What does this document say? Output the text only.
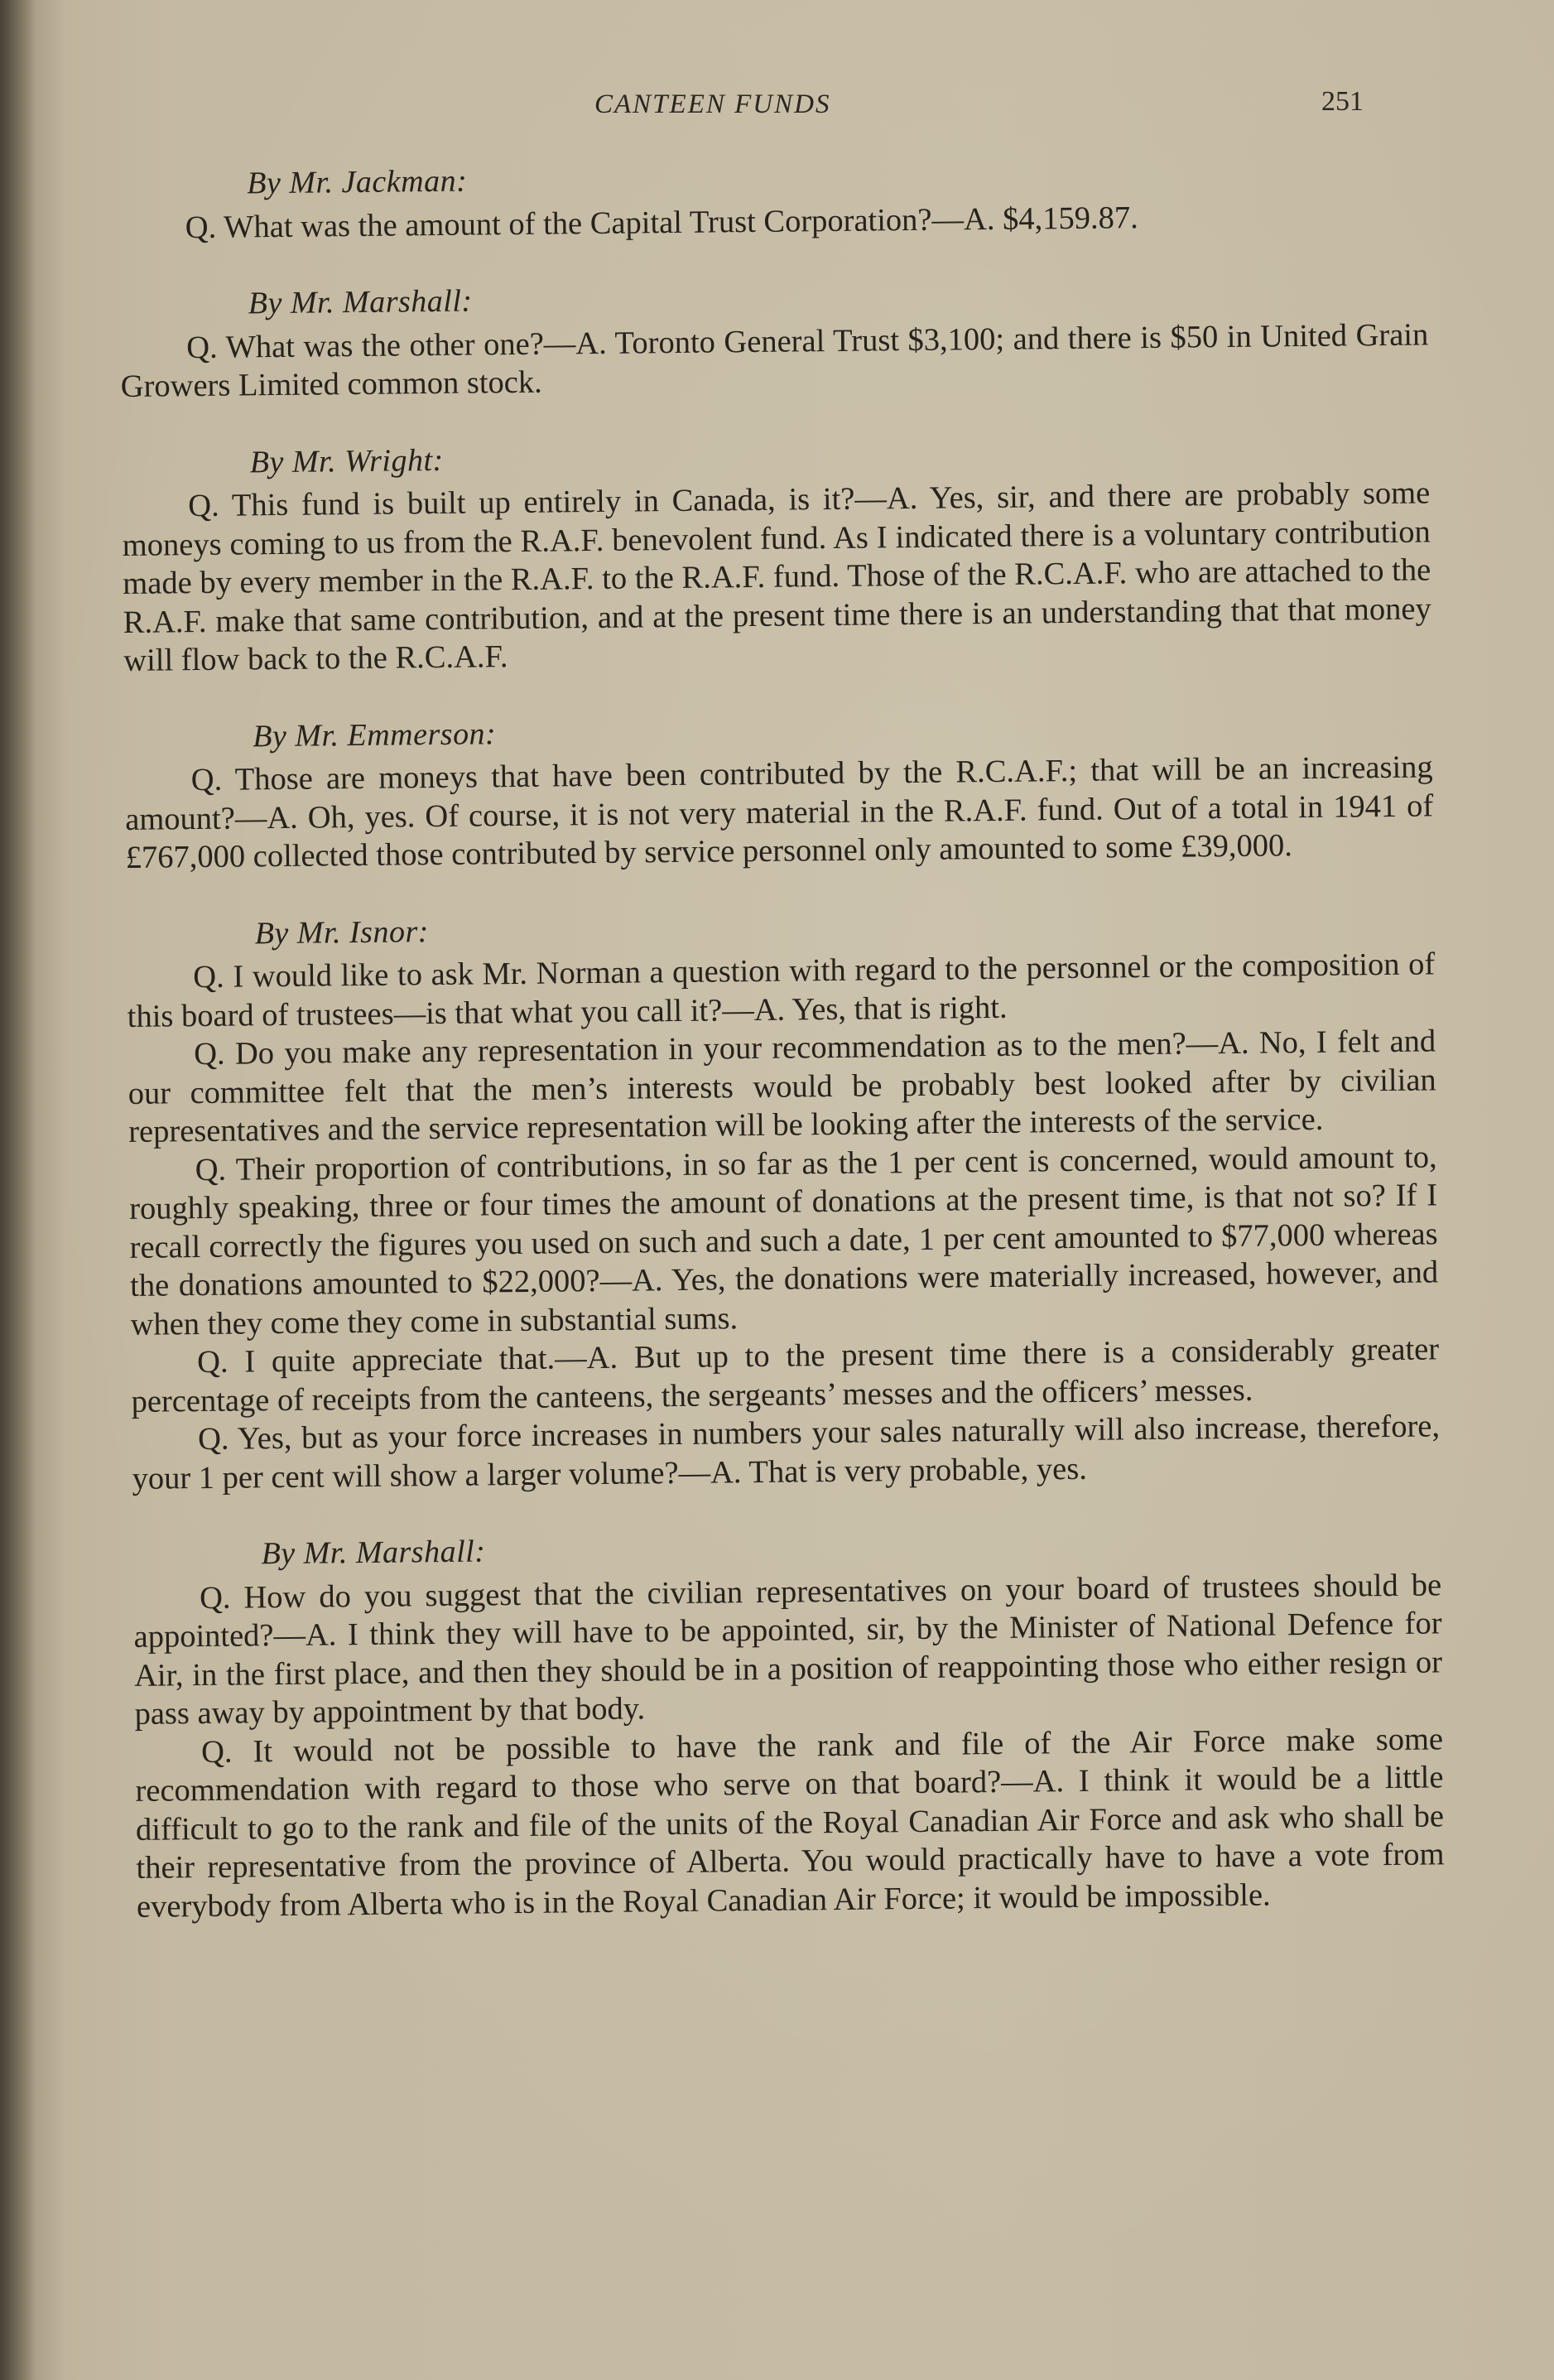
CANTEEN FUNDS	251

By Mr. Jackman:

Q. What was the amount of the Capital Trust Corporation?—A. $4,159.87.

By Mr. Marshall:

Q. What was the other one?—A. Toronto General Trust $3,100; and there is $50 in United Grain Growers Limited common stock.

By Mr. Wright:

Q. This fund is built up entirely in Canada, is it?—A. Yes, sir, and there are probably some moneys coming to us from the R.A.F. benevolent fund. As I indicated there is a voluntary contribution made by every member in the R.A.F. to the R.A.F. fund. Those of the R.C.A.F. who are attached to the R.A.F. make that same contribution, and at the present time there is an understanding that that money will flow back to the R.C.A.F.

By Mr. Emmerson:

Q. Those are moneys that have been contributed by the R.C.A.F.; that will be an increasing amount?—A. Oh, yes. Of course, it is not very material in the R.A.F. fund. Out of a total in 1941 of £767,000 collected those contributed by service personnel only amounted to some £39,000.

By Mr. Isnor:

Q. I would like to ask Mr. Norman a question with regard to the personnel or the composition of this board of trustees—is that what you call it?—A. Yes, that is right.

Q. Do you make any representation in your recommendation as to the men?—A. No, I felt and our committee felt that the men’s interests would be probably best looked after by civilian representatives and the service representation will be looking after the interests of the service.

Q. Their proportion of contributions, in so far as the 1 per cent is concerned, would amount to, roughly speaking, three or four times the amount of donations at the present time, is that not so? If I recall correctly the figures you used on such and such a date, 1 per cent amounted to $77,000 whereas the donations amounted to $22,000?—A. Yes, the donations were materially increased, however, and when they come they come in substantial sums.

Q. I quite appreciate that.—A. But up to the present time there is a considerably greater percentage of receipts from the canteens, the sergeants’ messes and the officers’ messes.

Q. Yes, but as your force increases in numbers your sales naturally will also increase, therefore, your 1 per cent will show a larger volume?—A. That is very probable, yes.

By Mr. Marshall:

Q. How do you suggest that the civilian representatives on your board of trustees should be appointed?—A. I think they will have to be appointed, sir, by the Minister of National Defence for Air, in the first place, and then they should be in a position of reappointing those who either resign or pass away by appointment by that body.

Q. It would not be possible to have the rank and file of the Air Force make some recommendation with regard to those who serve on that board?—A. I think it would be a little difficult to go to the rank and file of the units of the Royal Canadian Air Force and ask who shall be their representative from the province of Alberta. You would practically have to have a vote from everybody from Alberta who is in the Royal Canadian Air Force; it would be impossible.
